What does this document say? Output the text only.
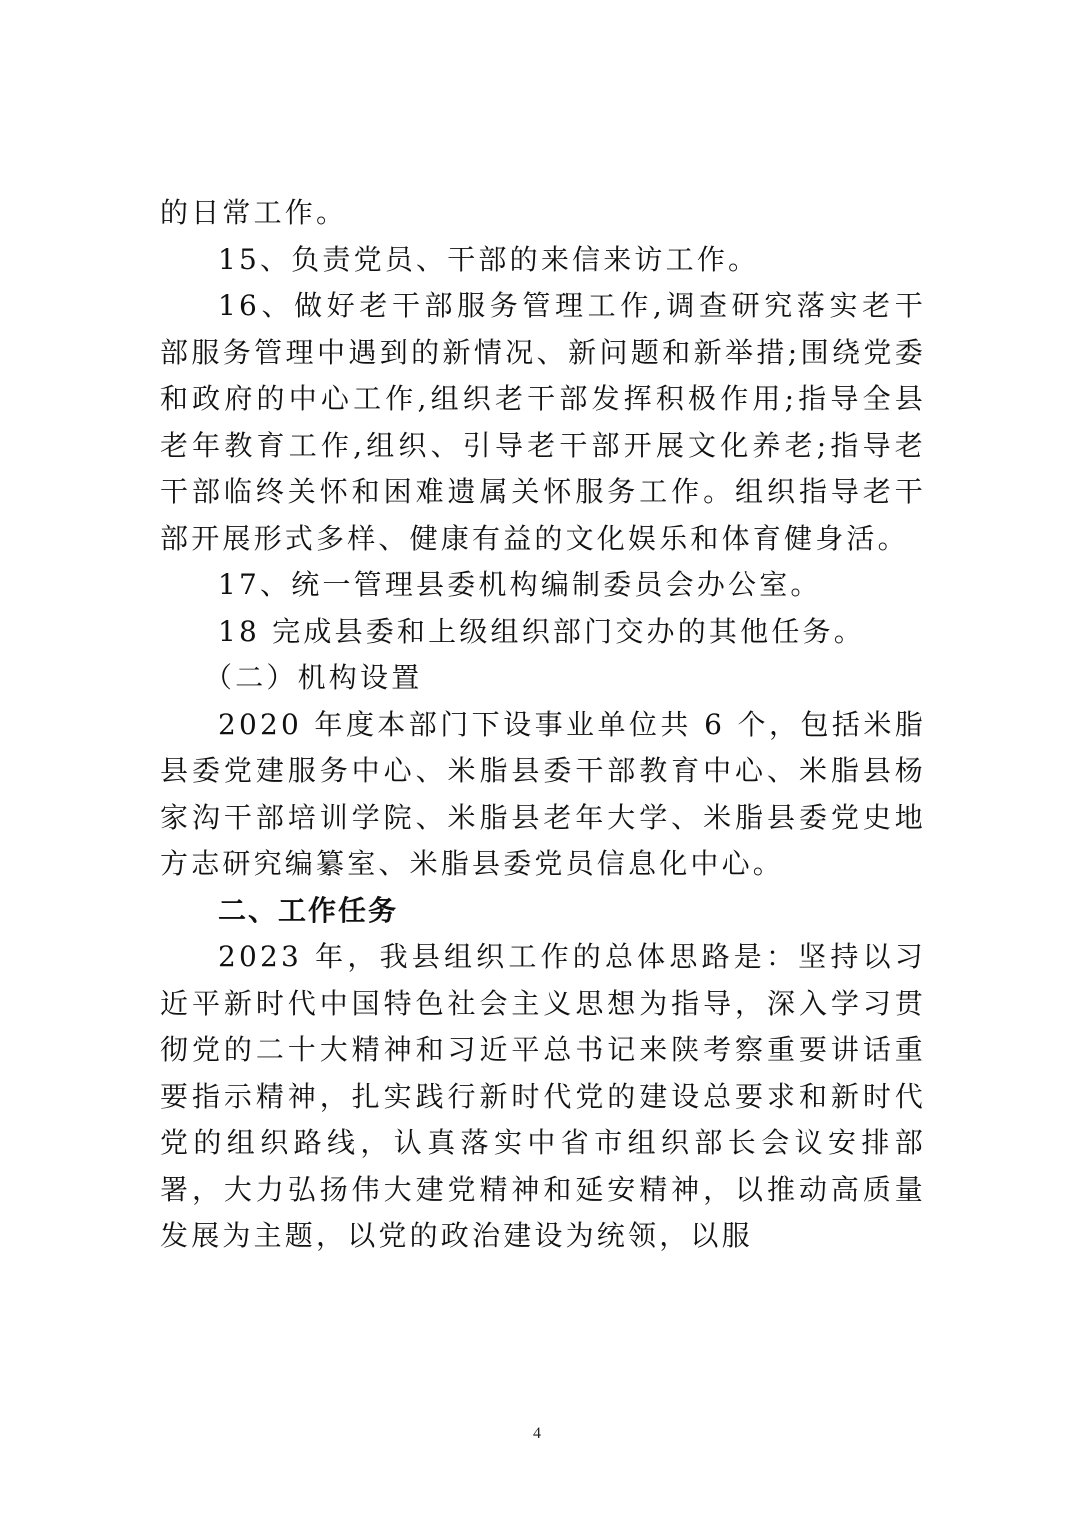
的日常工作。

15、负责党员、干部的来信来访工作。

16、做好老干部服务管理工作,调查研究落实老干部服务管理中遇到的新情况、新问题和新举措;围绕党委和政府的中心工作,组织老干部发挥积极作用;指导全县老年教育工作,组织、引导老干部开展文化养老;指导老干部临终关怀和困难遗属关怀服务工作。组织指导老干部开展形式多样、健康有益的文化娱乐和体育健身活。

17、统一管理县委机构编制委员会办公室。

18 完成县委和上级组织部门交办的其他任务。

（二）机构设置

2020 年度本部门下设事业单位共 6 个，包括米脂县委党建服务中心、米脂县委干部教育中心、米脂县杨家沟干部培训学院、米脂县老年大学、米脂县委党史地方志研究编纂室、米脂县委党员信息化中心。

二、工作任务

2023 年，我县组织工作的总体思路是：坚持以习近平新时代中国特色社会主义思想为指导，深入学习贯彻党的二十大精神和习近平总书记来陕考察重要讲话重要指示精神，扎实践行新时代党的建设总要求和新时代党的组织路线，认真落实中省市组织部长会议安排部署，大力弘扬伟大建党精神和延安精神，以推动高质量发展为主题，以党的政治建设为统领，以服

4
